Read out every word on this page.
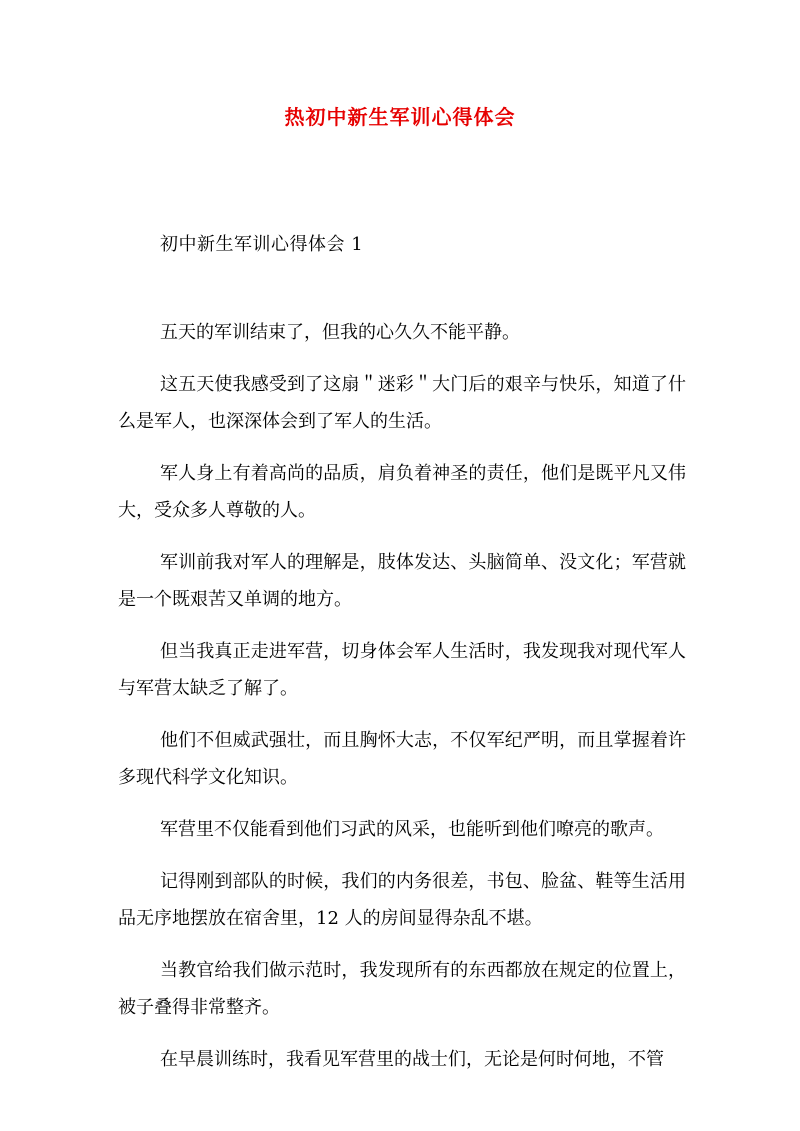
热初中新生军训心得体会
初中新生军训心得体会 1

五天的军训结束了，但我的心久久不能平静。

这五天使我感受到了这扇＂迷彩＂大门后的艰辛与快乐，知道了什么是军人，也深深体会到了军人的生活。

军人身上有着高尚的品质，肩负着神圣的责任，他们是既平凡又伟大，受众多人尊敬的人。

军训前我对军人的理解是，肢体发达、头脑简单、没文化；军营就是一个既艰苦又单调的地方。

但当我真正走进军营，切身体会军人生活时，我发现我对现代军人与军营太缺乏了解了。

他们不但威武强壮，而且胸怀大志，不仅军纪严明，而且掌握着许多现代科学文化知识。

军营里不仅能看到他们习武的风采，也能听到他们嘹亮的歌声。

记得刚到部队的时候，我们的内务很差，书包、脸盆、鞋等生活用品无序地摆放在宿舍里，12 人的房间显得杂乱不堪。

当教官给我们做示范时，我发现所有的东西都放在规定的位置上，被子叠得非常整齐。

在早晨训练时，我看见军营里的战士们，无论是何时何地，不管
